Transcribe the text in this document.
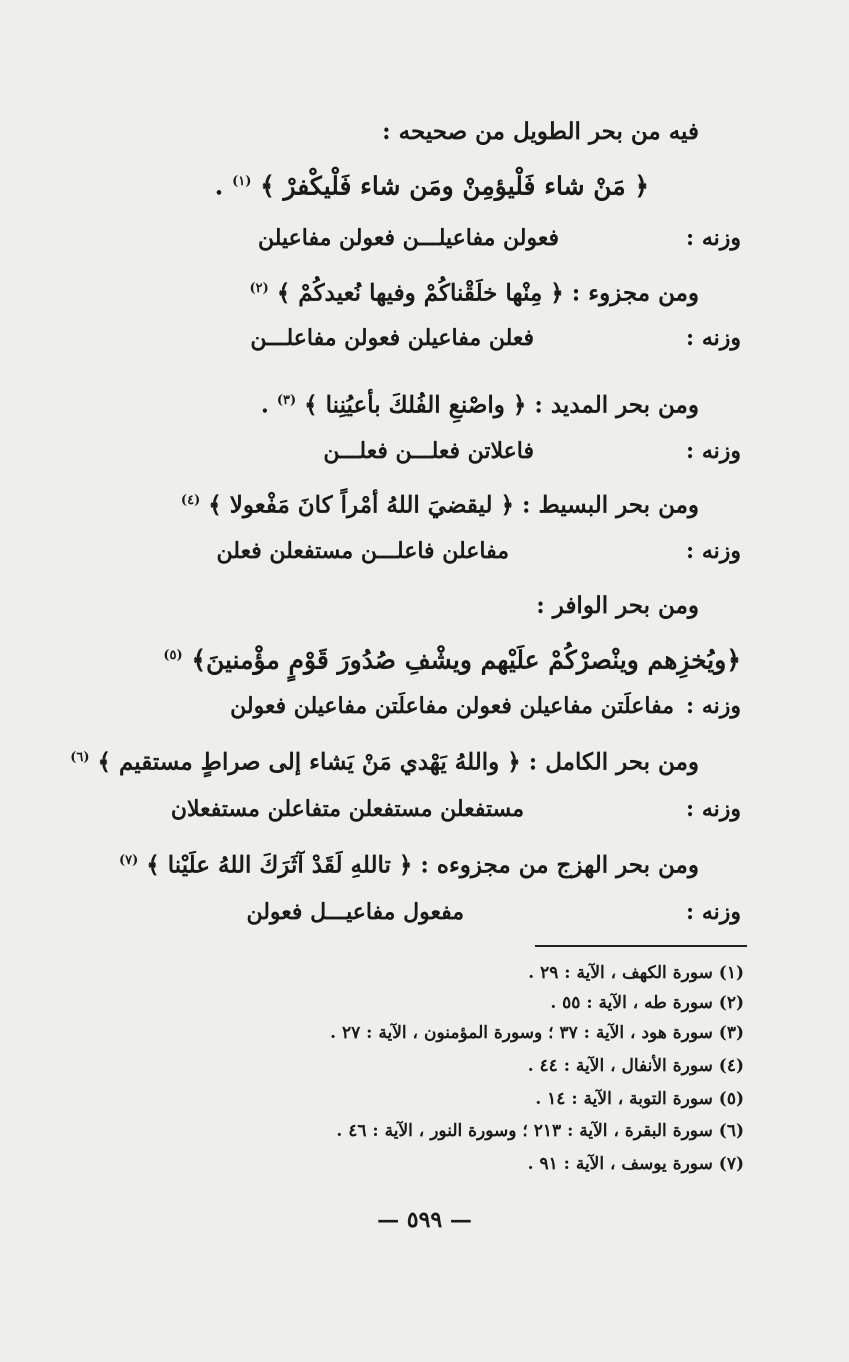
فيه من بحر الطويل من صحيحه :
﴿ مَنْ شاء فَلْيؤمِنْ ومَن شاء فَلْيكْفرْ ﴾ $^{(١)}$ .
وزنه :
فعولن مفاعيلـــن فعولن مفاعيلن
ومن مجزوء : ﴿ مِنْها خلَقْناكُمْ وفيها نُعيدكُمْ ﴾ $^{(٢)}$
وزنه :
فعلن مفاعيلن فعولن مفاعلـــن
ومن بحر المديد : ﴿ واصْنعِ الفُلكَ بأعيُنِنا ﴾ $^{(٣)}$ .
وزنه :
فاعلاتن فعلـــن فعلـــن
ومن بحر البسيط : ﴿ ليقضيَ اللهُ أمْراً كانَ مَفْعولا ﴾ $^{(٤)}$
وزنه :
مفاعلن فاعلـــن مستفعلن فعلن
ومن بحر الوافر :
﴿ويُخزِهم وينْصرْكُمْ علَيْهم ويشْفِ صُدُورَ قَوْمٍ مؤْمنينَ﴾ $^{(٥)}$
وزنه :
مفاعلَتن مفاعيلن فعولن مفاعلَتن مفاعيلن فعولن
ومن بحر الكامل : ﴿ واللهُ يَهْدي مَنْ يَشاء إلى صراطٍ مستقيم ﴾ $^{(٦)}$
وزنه :
مستفعلن مستفعلن متفاعلن مستفعلان
ومن بحر الهزج من مجزوءه : ﴿ تاللهِ لَقَدْ آثَرَكَ اللهُ علَيْنا ﴾ $^{(٧)}$
وزنه :
مفعول مفاعيـــل فعولن
(١) سورة الكهف ، الآية : ٢٩ .
(٢) سورة طه ، الآية : ٥٥ .
(٣) سورة هود ، الآية : ٣٧ ؛ وسورة المؤمنون ، الآية : ٢٧ .
(٤) سورة الأنفال ، الآية : ٤٤ .
(٥) سورة التوبة ، الآية : ١٤ .
(٦) سورة البقرة ، الآية : ٢١٣ ؛ وسورة النور ، الآية : ٤٦ .
(٧) سورة يوسف ، الآية : ٩١ .
— ٥٩٩ —
